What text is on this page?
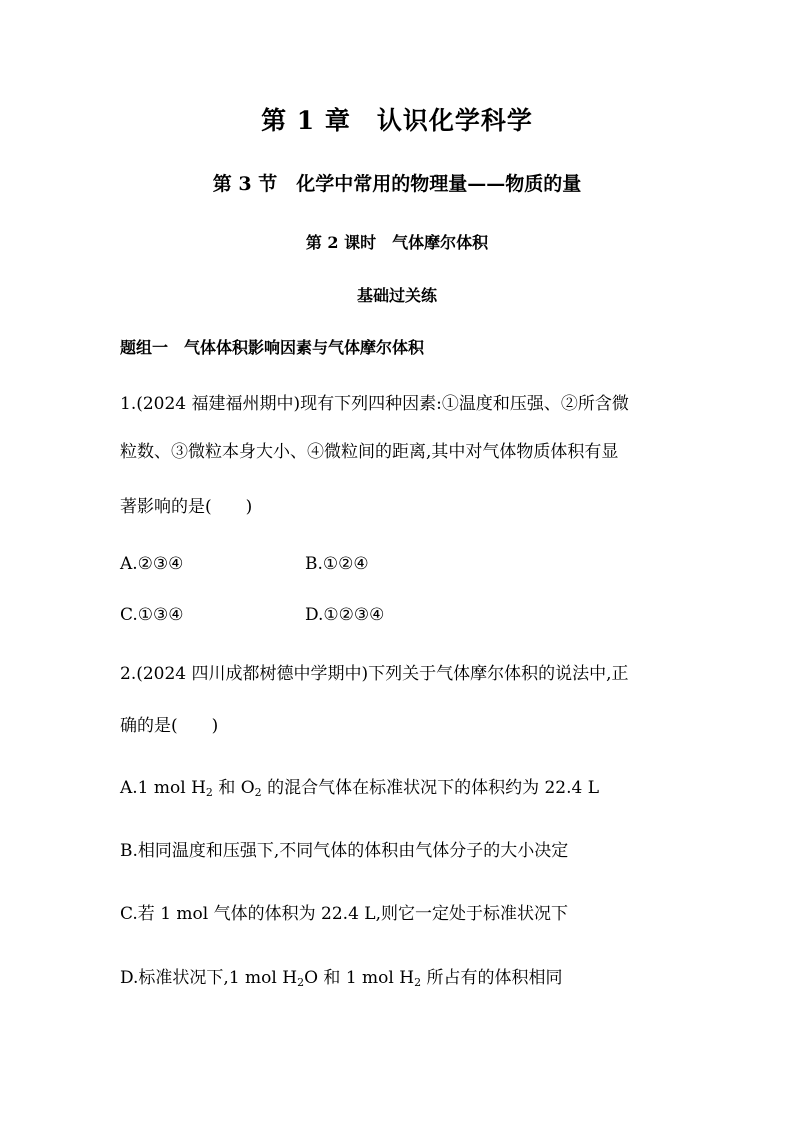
第 1 章　认识化学科学
第 3 节　化学中常用的物理量——物质的量
第 2 课时　气体摩尔体积
基础过关练
题组一　气体体积影响因素与气体摩尔体积
1.(2024 福建福州期中)现有下列四种因素:①温度和压强、②所含微
粒数、③微粒本身大小、④微粒间的距离,其中对气体物质体积有显
著影响的是(　　)
A.②③④	B.①②④
C.①③④	D.①②③④
2.(2024 四川成都树德中学期中)下列关于气体摩尔体积的说法中,正
确的是(　　)
A.1 mol $H_2$ 和 $O_2$ 的混合气体在标准状况下的体积约为 22.4 L
B.相同温度和压强下,不同气体的体积由气体分子的大小决定
C.若 1 mol 气体的体积为 22.4 L,则它一定处于标准状况下
D.标准状况下,1 mol $H_2O$ 和 1 mol $H_2$ 所占有的体积相同
